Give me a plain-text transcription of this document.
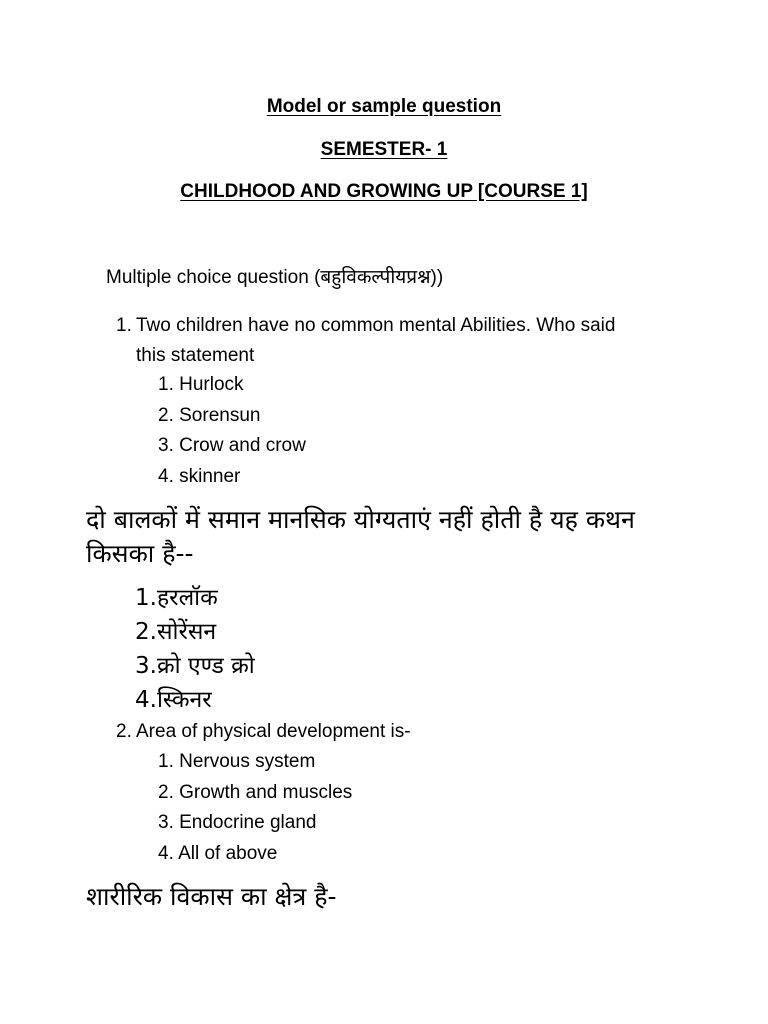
Model or sample question
SEMESTER- 1
CHILDHOOD AND GROWING UP [COURSE 1]
Multiple choice question (बहुविकल्पीयप्रश्न))
1. Two children have no common mental Abilities. Who said
this statement
1. Hurlock
2. Sorensun
3. Crow and crow
4. skinner
दो बालकों में समान मानसिक योग्यताएं नहीं होती है यह कथन किसका है--
1.हरलॉक
2.सोरेंसन
3.क्रो एण्ड क्रो
4.स्किनर
2. Area of physical development is-
1. Nervous system
2. Growth and muscles
3. Endocrine gland
4. All of above
शारीरिक विकास का क्षेत्र है-
